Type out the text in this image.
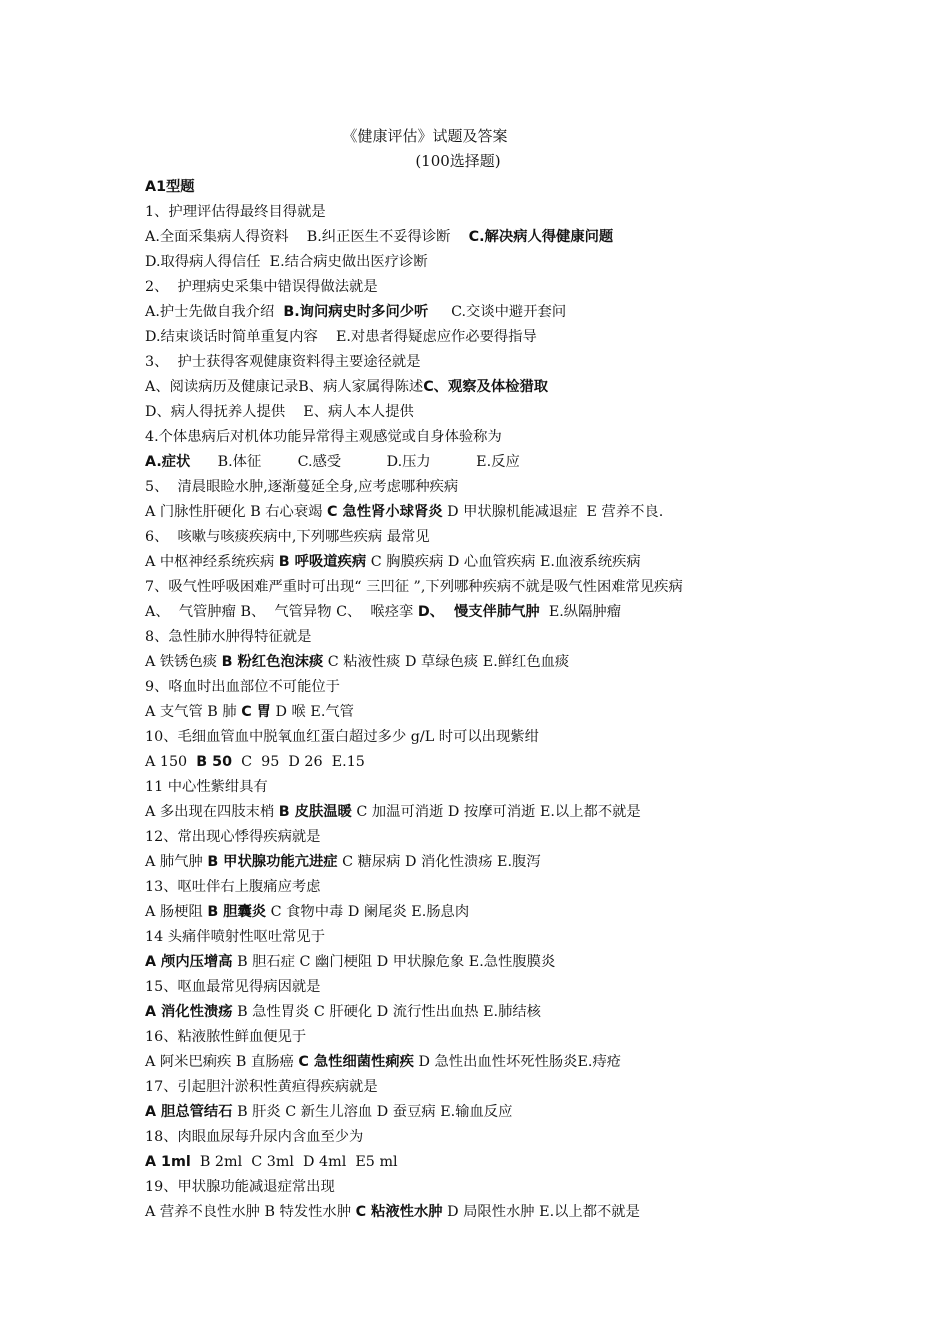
《健康评估》试题及答案
(100选择题)
A1型题
1、护理评估得最终目得就是
A.全面采集病人得资料    B.纠正医生不妥得诊断    C.解决病人得健康问题
D.取得病人得信任  E.结合病史做出医疗诊断
2、  护理病史采集中错误得做法就是
A.护士先做自我介绍  B.询问病史时多问少听     C.交谈中避开套问
D.结束谈话时简单重复内容    E.对患者得疑虑应作必要得指导
3、  护士获得客观健康资料得主要途径就是
A、阅读病历及健康记录B、病人家属得陈述C、观察及体检猎取
D、病人得抚养人提供    E、病人本人提供
4.个体患病后对机体功能异常得主观感觉或自身体验称为
A.症状      B.体征        C.感受          D.压力          E.反应
5、  清晨眼睑水肿,逐渐蔓延全身,应考虑哪种疾病
A 门脉性肝硬化 B 右心衰竭 C 急性肾小球肾炎 D 甲状腺机能减退症  E 营养不良.
6、  咳嗽与咳痰疾病中,下列哪些疾病 最常见
A 中枢神经系统疾病 B 呼吸道疾病 C 胸膜疾病 D 心血管疾病 E.血液系统疾病
7、吸气性呼吸困难严重时可出现“ 三凹征 ”,下列哪种疾病不就是吸气性困难常见疾病
A、  气管肿瘤 B、  气管异物 C、  喉痉挛 D、  慢支伴肺气肿  E.纵隔肿瘤
8、急性肺水肿得特征就是
A 铁锈色痰 B 粉红色泡沫痰 C 粘液性痰 D 草绿色痰 E.鲜红色血痰
9、咯血时出血部位不可能位于
A 支气管 B 肺 C 胃 D 喉 E.气管
10、毛细血管血中脱氧血红蛋白超过多少 g/L 时可以出现紫绀
A 150  B 50  C  95  D 26  E.15
11 中心性紫绀具有
A 多出现在四肢末梢 B 皮肤温暖 C 加温可消逝 D 按摩可消逝 E.以上都不就是
12、常出现心悸得疾病就是
A 肺气肿 B 甲状腺功能亢进症 C 糖尿病 D 消化性溃疡 E.腹泻
13、呕吐伴右上腹痛应考虑
A 肠梗阻 B 胆囊炎 C 食物中毒 D 阑尾炎 E.肠息肉
14 头痛伴喷射性呕吐常见于
A 颅内压增高 B 胆石症 C 幽门梗阻 D 甲状腺危象 E.急性腹膜炎
15、呕血最常见得病因就是
A 消化性溃疡 B 急性胃炎 C 肝硬化 D 流行性出血热 E.肺结核
16、粘液脓性鲜血便见于
A 阿米巴痢疾 B 直肠癌 C 急性细菌性痢疾 D 急性出血性坏死性肠炎E.痔疮
17、引起胆汁淤积性黄疸得疾病就是
A 胆总管结石 B 肝炎 C 新生儿溶血 D 蚕豆病 E.输血反应
18、肉眼血尿每升尿内含血至少为
A 1ml  B 2ml  C 3ml  D 4ml  E5 ml
19、甲状腺功能减退症常出现
A 营养不良性水肿 B 特发性水肿 C 粘液性水肿 D 局限性水肿 E.以上都不就是
